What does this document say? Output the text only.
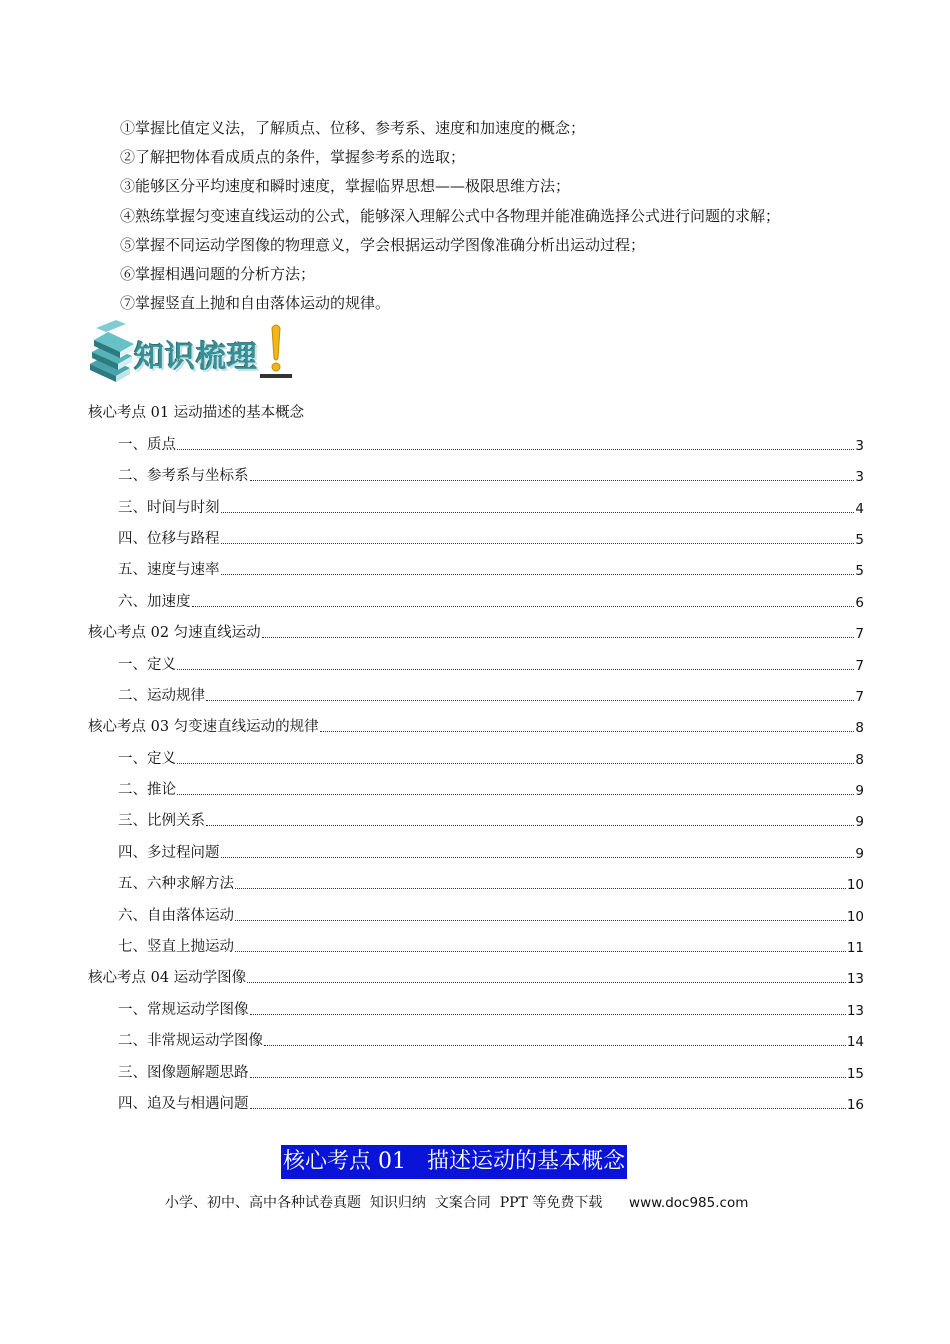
①掌握比值定义法，了解质点、位移、参考系、速度和加速度的概念；
②了解把物体看成质点的条件，掌握参考系的选取；
③能够区分平均速度和瞬时速度，掌握临界思想——极限思维方法；
④熟练掌握匀变速直线运动的公式，能够深入理解公式中各物理并能准确选择公式进行问题的求解；
⑤掌握不同运动学图像的物理意义，学会根据运动学图像准确分析出运动过程；
⑥掌握相遇问题的分析方法；
⑦掌握竖直上抛和自由落体运动的规律。
知识梳理
核心考点 01 运动描述的基本概念
一、质点	3
二、参考系与坐标系	3
三、时间与时刻	4
四、位移与路程	5
五、速度与速率	5
六、加速度	6
核心考点 02 匀速直线运动	7
一、定义	7
二、运动规律	7
核心考点 03 匀变速直线运动的规律	8
一、定义	8
二、推论	9
三、比例关系	9
四、多过程问题	9
五、六种求解方法	10
六、自由落体运动	10
七、竖直上抛运动	11
核心考点 04 运动学图像	13
一、常规运动学图像	13
二、非常规运动学图像	14
三、图像题解题思路	15
四、追及与相遇问题	16
核心考点 01   描述运动的基本概念
小学、初中、高中各种试卷真题  知识归纳  文案合同  PPT 等免费下载 www.doc985.com
